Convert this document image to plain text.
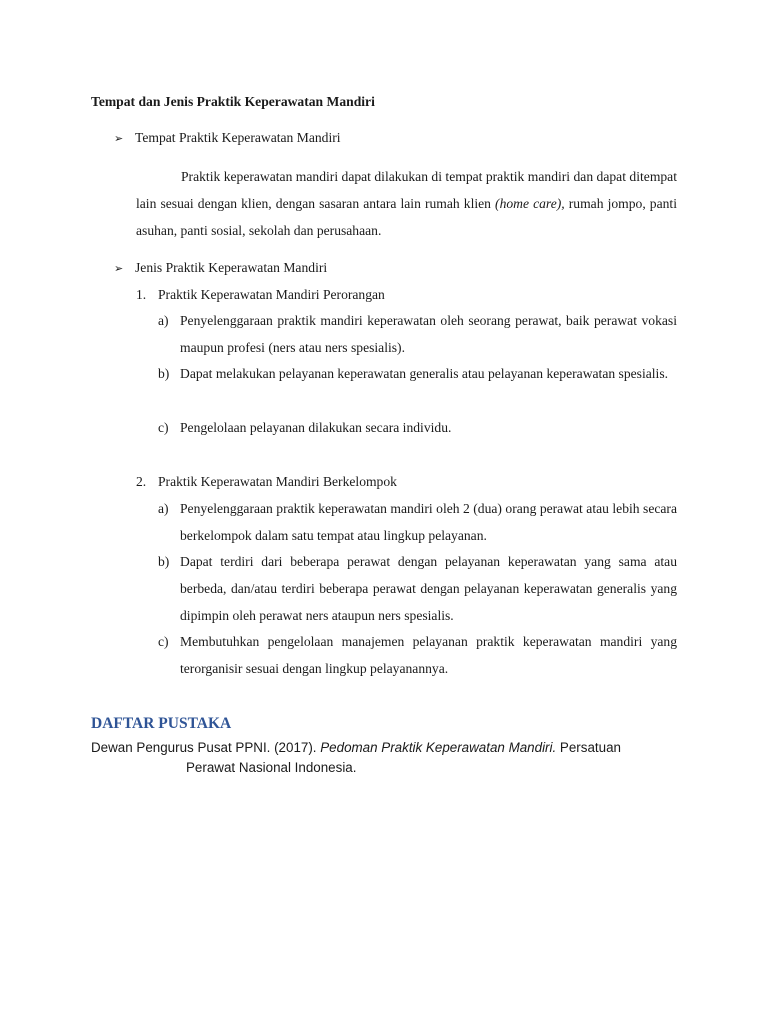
Tempat dan Jenis Praktik Keperawatan Mandiri
➢ Tempat Praktik Keperawatan Mandiri
Praktik keperawatan mandiri dapat dilakukan di tempat praktik mandiri dan dapat ditempat lain sesuai dengan klien, dengan sasaran antara lain rumah klien (home care), rumah jompo, panti asuhan, panti sosial, sekolah dan perusahaan.
➢ Jenis Praktik Keperawatan Mandiri
1. Praktik Keperawatan Mandiri Perorangan
a) Penyelenggaraan praktik mandiri keperawatan oleh seorang perawat, baik perawat vokasi maupun profesi (ners atau ners spesialis).
b) Dapat melakukan pelayanan keperawatan generalis atau pelayanan keperawatan spesialis.
c) Pengelolaan pelayanan dilakukan secara individu.
2. Praktik Keperawatan Mandiri Berkelompok
a) Penyelenggaraan praktik keperawatan mandiri oleh 2 (dua) orang perawat atau lebih secara berkelompok dalam satu tempat atau lingkup pelayanan.
b) Dapat terdiri dari beberapa perawat dengan pelayanan keperawatan yang sama atau berbeda, dan/atau terdiri beberapa perawat dengan pelayanan keperawatan generalis yang dipimpin oleh perawat ners ataupun ners spesialis.
c) Membutuhkan pengelolaan manajemen pelayanan praktik keperawatan mandiri yang terorganisir sesuai dengan lingkup pelayanannya.
DAFTAR PUSTAKA
Dewan Pengurus Pusat PPNI. (2017). Pedoman Praktik Keperawatan Mandiri. Persatuan
Perawat Nasional Indonesia.
